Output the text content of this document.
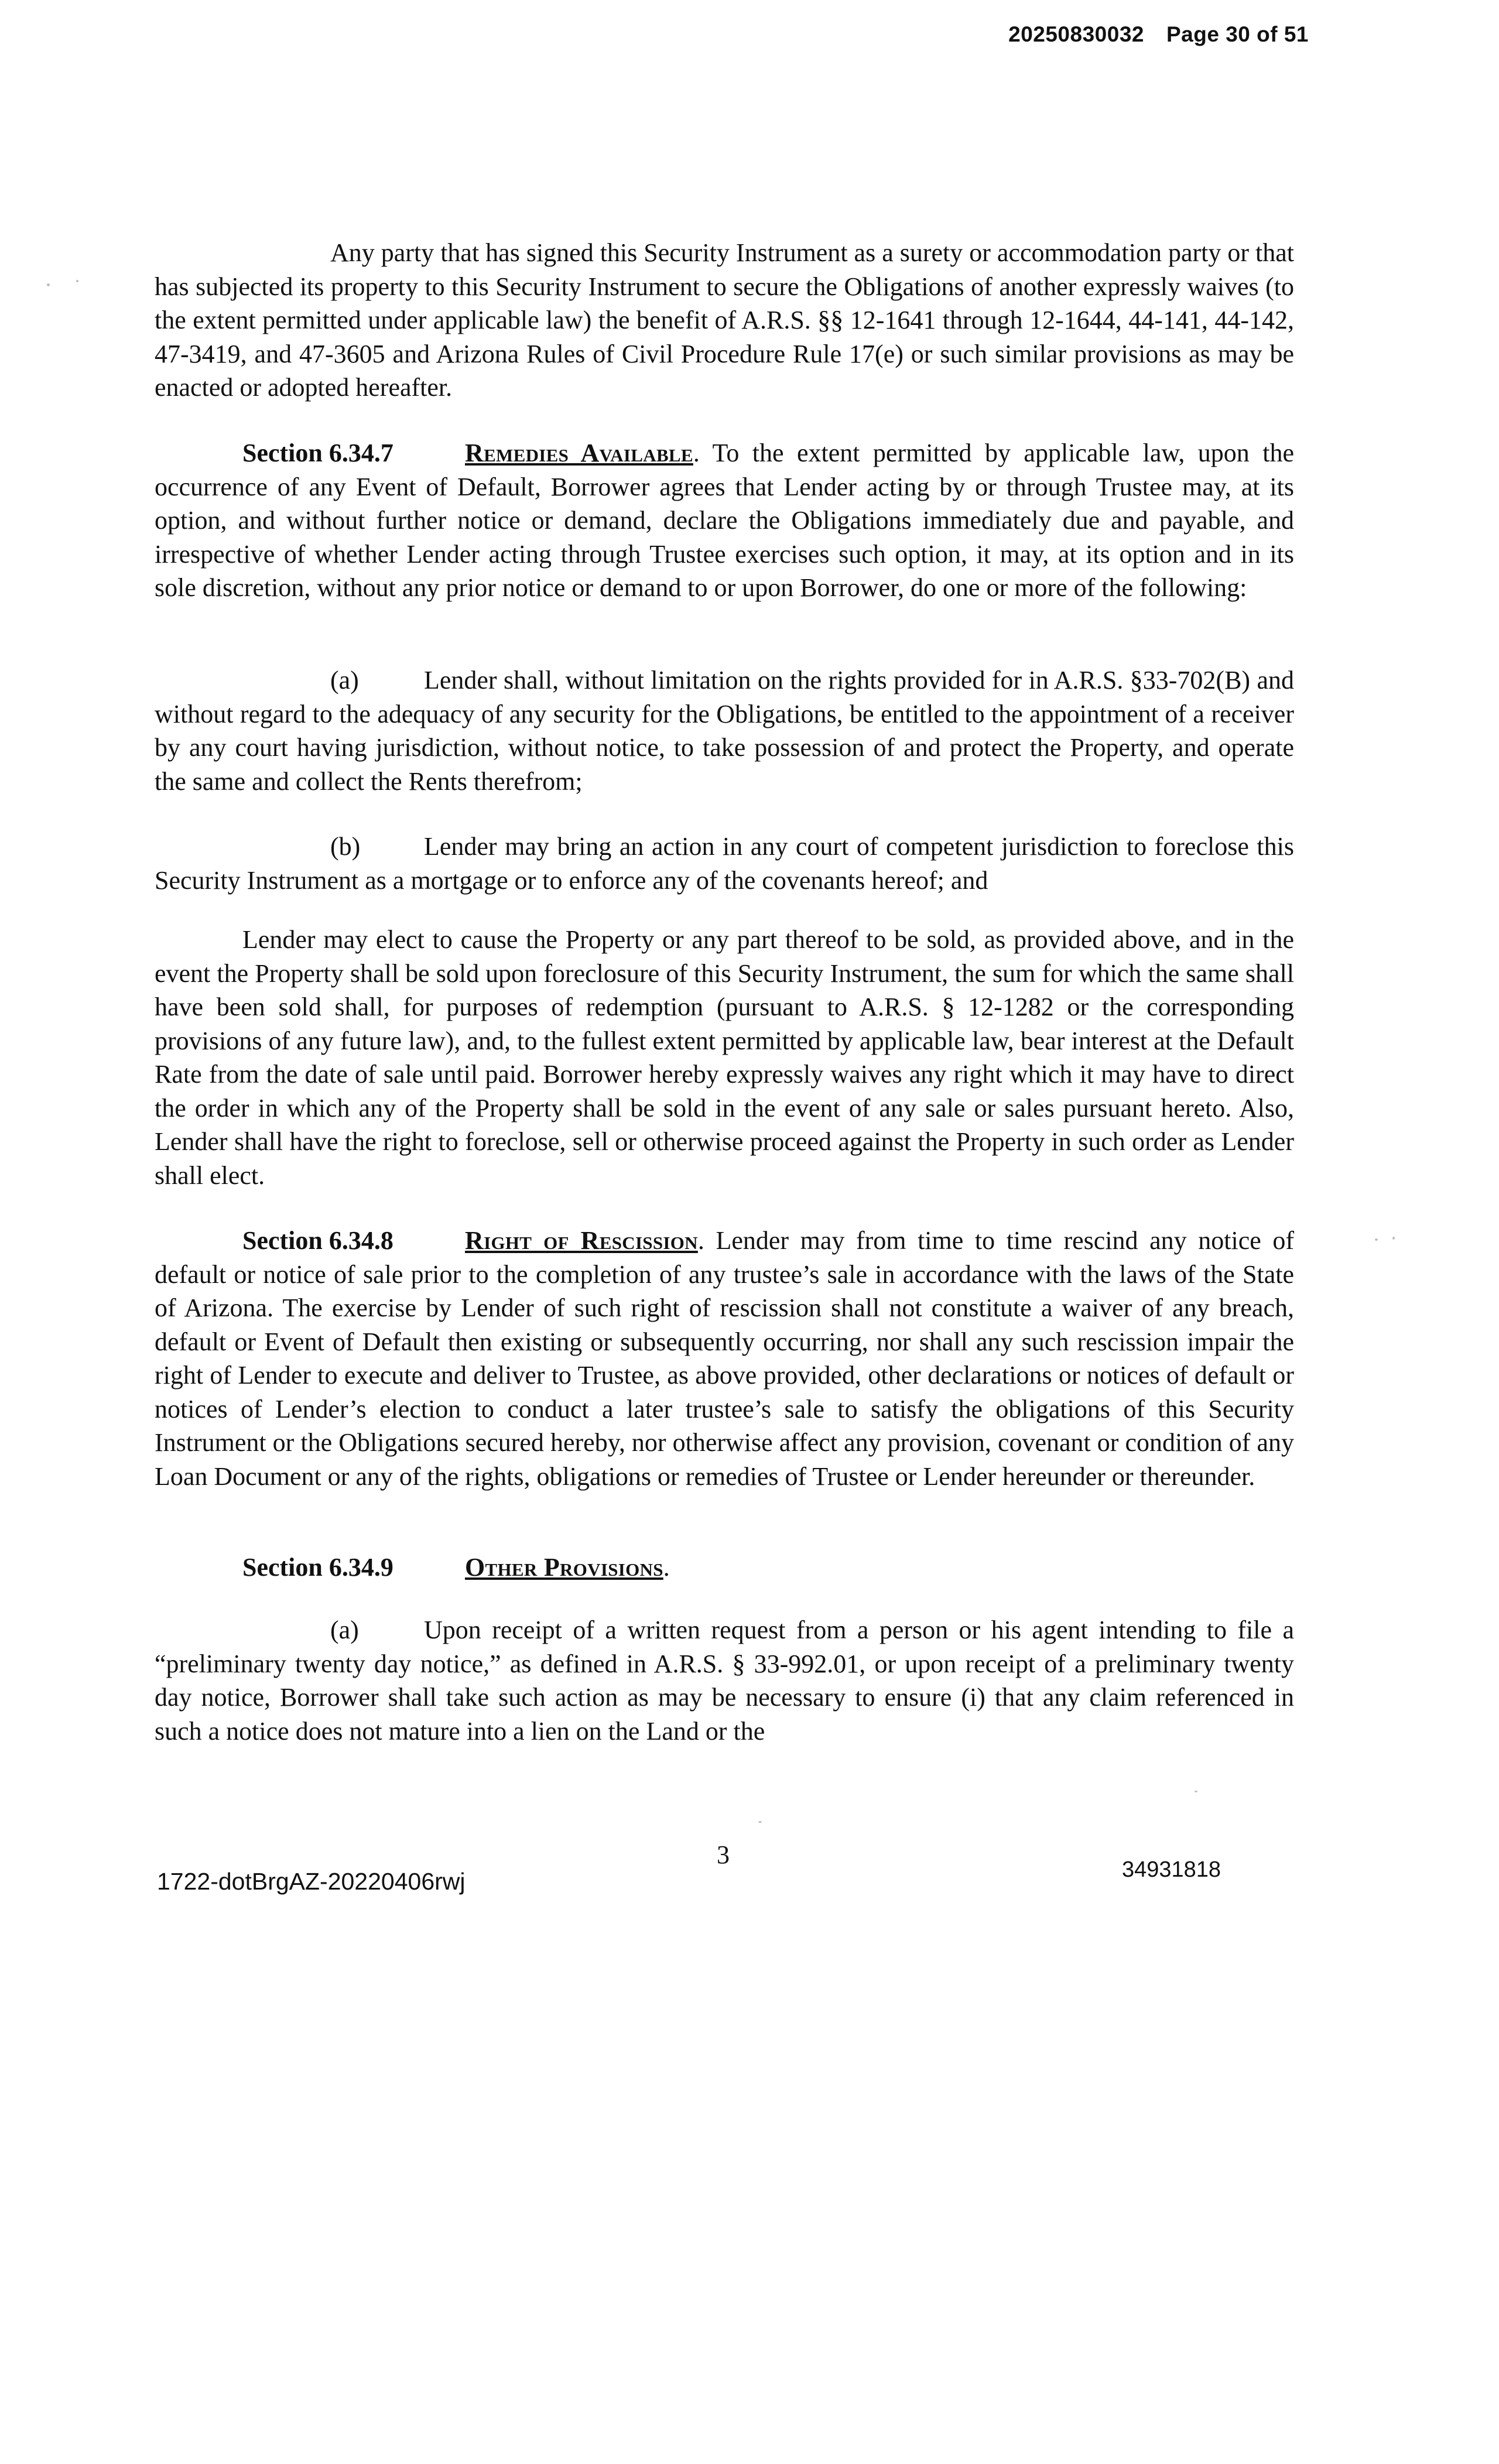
20250830032 Page 30 of 51

Any party that has signed this Security Instrument as a surety or accommodation party or that has subjected its property to this Security Instrument to secure the Obligations of another expressly waives (to the extent permitted under applicable law) the benefit of A.R.S. §§ 12-1641 through 12-1644, 44-141, 44-142, 47-3419, and 47-3605 and Arizona Rules of Civil Procedure Rule 17(e) or such similar provisions as may be enacted or adopted hereafter.

Section 6.34.7	Remedies Available. To the extent permitted by applicable law, upon the occurrence of any Event of Default, Borrower agrees that Lender acting by or through Trustee may, at its option, and without further notice or demand, declare the Obligations immediately due and payable, and irrespective of whether Lender acting through Trustee exercises such option, it may, at its option and in its sole discretion, without any prior notice or demand to or upon Borrower, do one or more of the following:

(a)	Lender shall, without limitation on the rights provided for in A.R.S. §33-702(B) and without regard to the adequacy of any security for the Obligations, be entitled to the appointment of a receiver by any court having jurisdiction, without notice, to take possession of and protect the Property, and operate the same and collect the Rents therefrom;

(b) Lender may bring an action in any court of competent jurisdiction to foreclose this Security Instrument as a mortgage or to enforce any of the covenants hereof; and

Lender may elect to cause the Property or any part thereof to be sold, as provided above, and in the event the Property shall be sold upon foreclosure of this Security Instrument, the sum for which the same shall have been sold shall, for purposes of redemption (pursuant to A.R.S. § 12-1282 or the corresponding provisions of any future law), and, to the fullest extent permitted by applicable law, bear interest at the Default Rate from the date of sale until paid. Borrower hereby expressly waives any right which it may have to direct the order in which any of the Property shall be sold in the event of any sale or sales pursuant hereto. Also, Lender shall have the right to foreclose, sell or otherwise proceed against the Property in such order as Lender shall elect.

Section 6.34.8	Right of Rescission. Lender may from time to time rescind any notice of default or notice of sale prior to the completion of any trustee’s sale in accordance with the laws of the State of Arizona. The exercise by Lender of such right of rescission shall not constitute a waiver of any breach, default or Event of Default then existing or subsequently occurring, nor shall any such rescission impair the right of Lender to execute and deliver to Trustee, as above provided, other declarations or notices of default or notices of Lender’s election to conduct a later trustee’s sale to satisfy the obligations of this Security Instrument or the Obligations secured hereby, nor otherwise affect any provision, covenant or condition of any Loan Document or any of the rights, obligations or remedies of Trustee or Lender hereunder or thereunder.

Section 6.34.9	Other Provisions.

(a)	Upon receipt of a written request from a person or his agent intending to file a “preliminary twenty day notice,” as defined in A.R.S. § 33-992.01, or upon receipt of a preliminary twenty day notice, Borrower shall take such action as may be necessary to ensure (i) that any claim referenced in such a notice does not mature into a lien on the Land or the

1722-dotBrgAZ-20220406rwj
3
34931818
